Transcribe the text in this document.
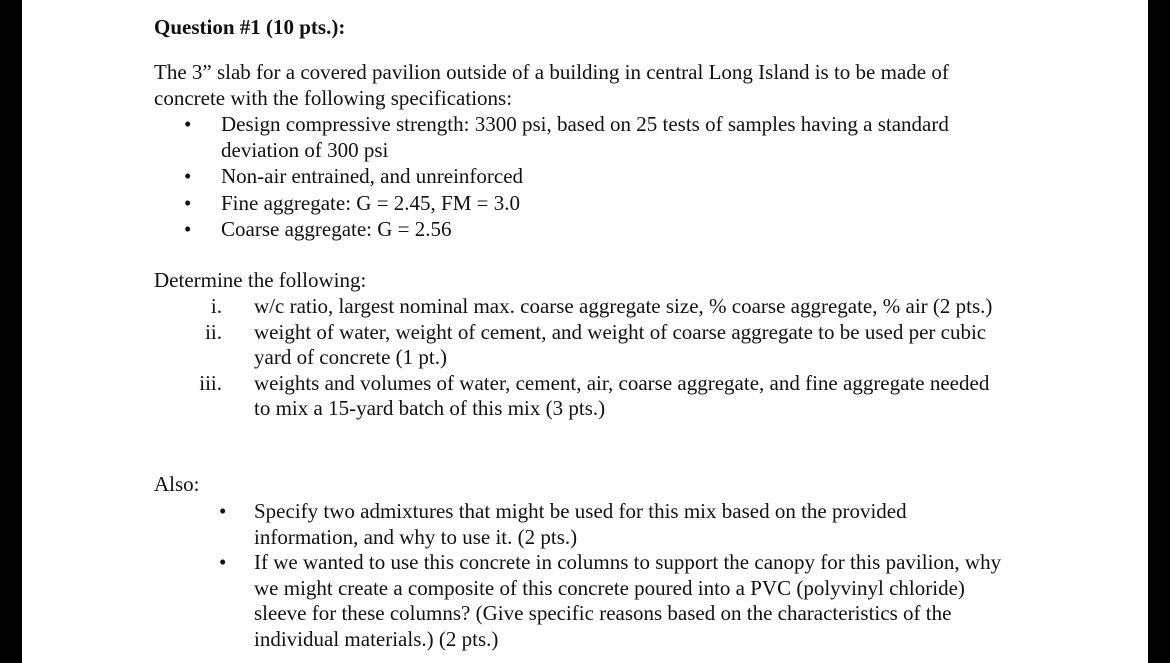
Question #1 (10 pts.):
The 3” slab for a covered pavilion outside of a building in central Long Island is to be made of concrete with the following specifications:
• Design compressive strength: 3300 psi, based on 25 tests of samples having a standard deviation of 300 psi
• Non-air entrained, and unreinforced
• Fine aggregate: G = 2.45, FM = 3.0
• Coarse aggregate: G = 2.56
Determine the following:
i. w/c ratio, largest nominal max. coarse aggregate size, % coarse aggregate, % air (2 pts.)
ii. weight of water, weight of cement, and weight of coarse aggregate to be used per cubic yard of concrete (1 pt.)
iii. weights and volumes of water, cement, air, coarse aggregate, and fine aggregate needed to mix a 15-yard batch of this mix (3 pts.)
Also:
• Specify two admixtures that might be used for this mix based on the provided information, and why to use it. (2 pts.)
• If we wanted to use this concrete in columns to support the canopy for this pavilion, why we might create a composite of this concrete poured into a PVC (polyvinyl chloride) sleeve for these columns? (Give specific reasons based on the characteristics of the individual materials.) (2 pts.)
